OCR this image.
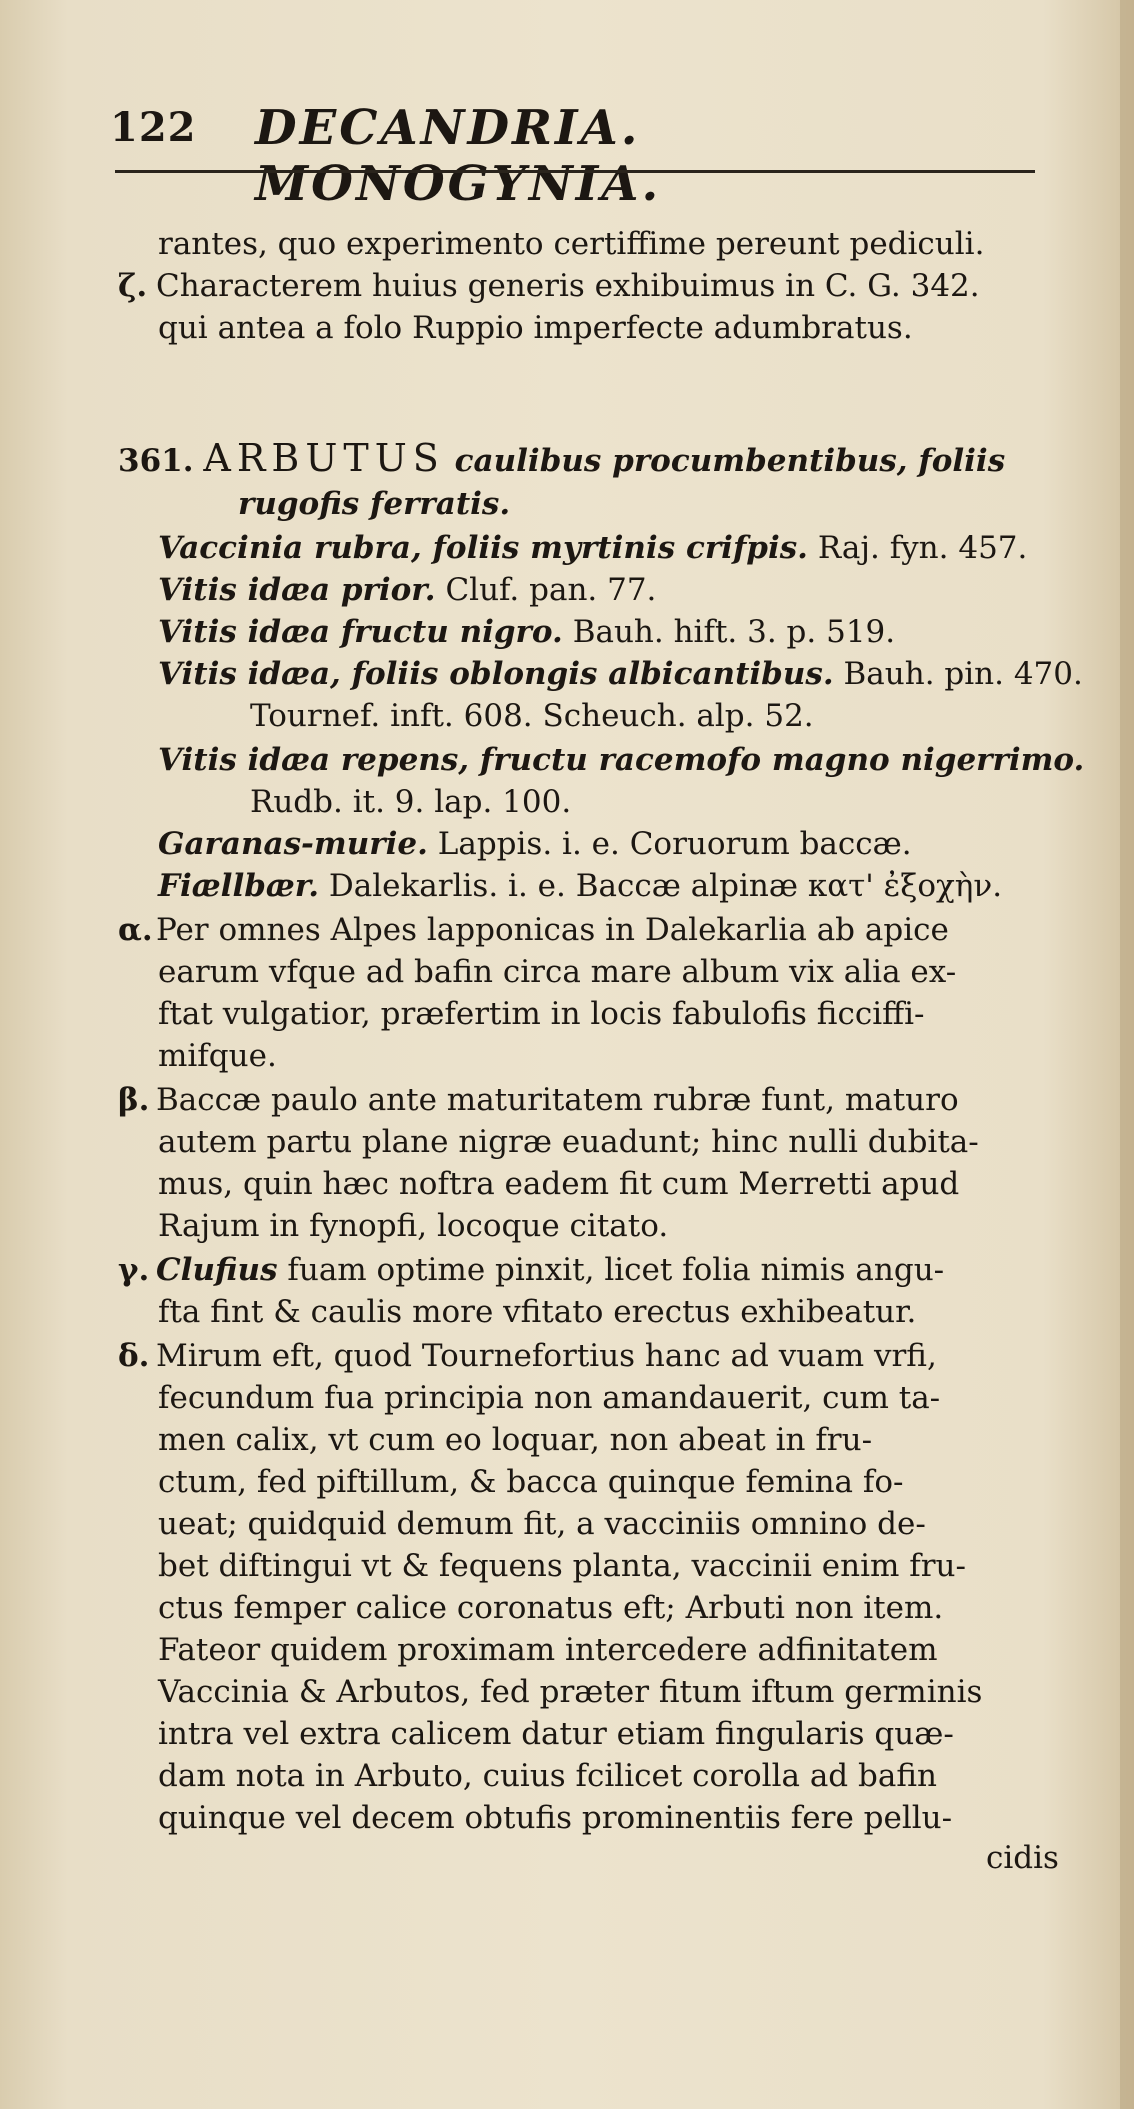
122 DECANDRIA. MONOGYNIA.
rantes, quo experimento certiffime pereunt pediculi.
ζ. Characterem huius generis exhibuimus in C. G. 342.
qui antea a folo Ruppio imperfecte adumbratus.
361. ARBUTUS caulibus procumbentibus, foliis
rugofis ferratis.
Vaccinia rubra, foliis myrtinis crifpis. Raj. fyn. 457.
Vitis idæa prior. Cluf. pan. 77.
Vitis idæa fructu nigro. Bauh. hift. 3. p. 519.
Vitis idæa, foliis oblongis albicantibus. Bauh. pin. 470.
Tournef. inft. 608. Scheuch. alp. 52.
Vitis idæa repens, fructu racemofo magno nigerrimo.
Rudb. it. 9. lap. 100.
Garanas-murie. Lappis. i. e. Coruorum baccæ.
Fiællbær. Dalekarlis. i. e. Baccæ alpinæ κατ' ἐξοχὴν.
α. Per omnes Alpes lapponicas in Dalekarlia ab apice
earum vfque ad bafin circa mare album vix alia ex-
ftat vulgatior, præfertim in locis fabulofis ficciffi-
mifque.
β. Baccæ paulo ante maturitatem rubræ funt, maturo
autem partu plane nigræ euadunt; hinc nulli dubita-
mus, quin hæc noftra eadem fit cum Merretti apud
Rajum in fynopfi, locoque citato.
γ. Clufius fuam optime pinxit, licet folia nimis angu-
fta fint & caulis more vfitato erectus exhibeatur.
δ. Mirum eft, quod Tournefortius hanc ad vuam vrfi,
fecundum fua principia non amandauerit, cum ta-
men calix, vt cum eo loquar, non abeat in fru-
ctum, fed piftillum, & bacca quinque femina fo-
ueat; quidquid demum fit, a vacciniis omnino de-
bet diftingui vt & fequens planta, vaccinii enim fru-
ctus femper calice coronatus eft; Arbuti non item.
Fateor quidem proximam intercedere adfinitatem
Vaccinia & Arbutos, fed præter fitum iftum germinis
intra vel extra calicem datur etiam fingularis quæ-
dam nota in Arbuto, cuius fcilicet corolla ad bafin
quinque vel decem obtufis prominentiis fere pellu-
cidis
